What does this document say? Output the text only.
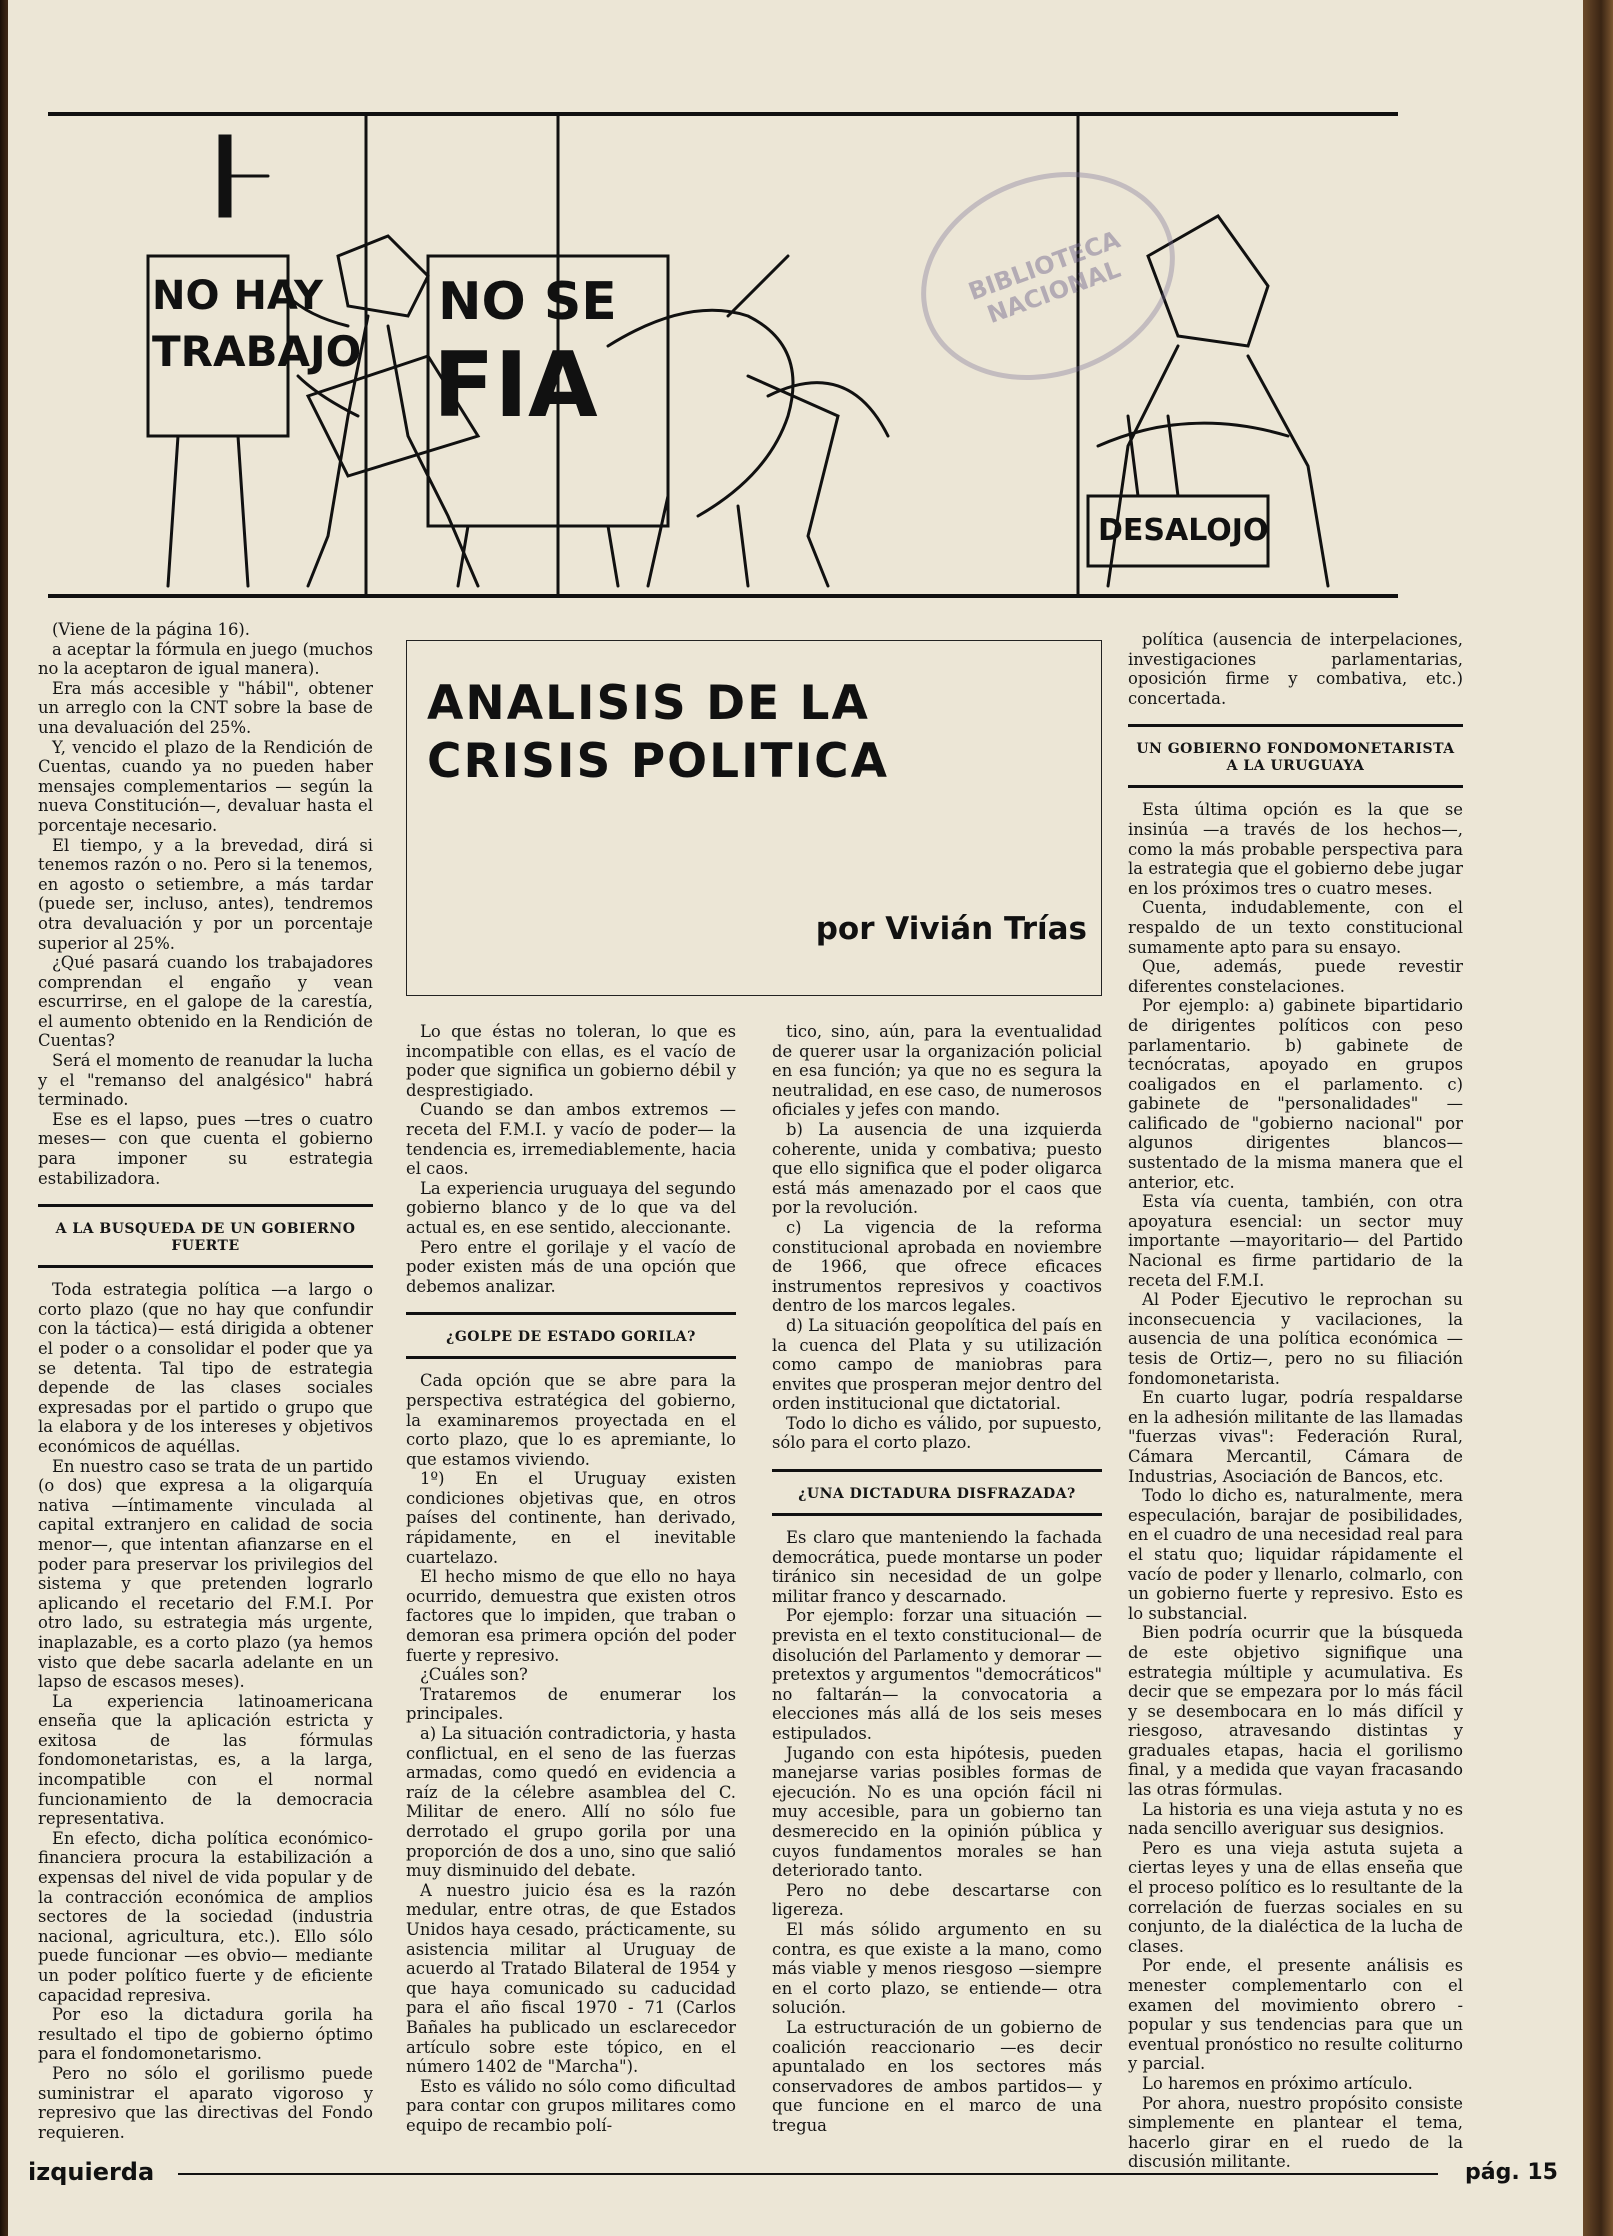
NO HAY
TRABAJO
NO SE
FIA
DESALOJO
BIBLIOTECA NACIONAL
ANALISIS DE LA
CRISIS POLITICA
por Vivián Trías

(Viene de la página 16).

a aceptar la fórmula en juego (muchos no la aceptaron de igual manera).

Era más accesible y "hábil", obtener un arreglo con la CNT sobre la base de una devaluación del 25%.

Y, vencido el plazo de la Rendición de Cuentas, cuando ya no pueden haber mensajes complementarios — según la nueva Constitución—, devaluar hasta el porcentaje necesario.

El tiempo, y a la brevedad, dirá si tenemos razón o no. Pero si la tenemos, en agosto o setiembre, a más tardar (puede ser, incluso, antes), tendremos otra devaluación y por un porcentaje superior al 25%.

¿Qué pasará cuando los trabajadores comprendan el engaño y vean escurrirse, en el galope de la carestía, el aumento obtenido en la Rendición de Cuentas?

Será el momento de reanudar la lucha y el "remanso del analgésico" habrá terminado.

Ese es el lapso, pues —tres o cuatro meses— con que cuenta el gobierno para imponer su estrategia estabilizadora.

A LA BUSQUEDA DE UN GOBIERNO FUERTE

Toda estrategia política —a largo o corto plazo (que no hay que confundir con la táctica)— está dirigida a obtener el poder o a consolidar el poder que ya se detenta. Tal tipo de estrategia depende de las clases sociales expresadas por el partido o grupo que la elabora y de los intereses y objetivos económicos de aquéllas.

En nuestro caso se trata de un partido (o dos) que expresa a la oligarquía nativa —íntimamente vinculada al capital extranjero en calidad de socia menor—, que intentan afianzarse en el poder para preservar los privilegios del sistema y que pretenden lograrlo aplicando el recetario del F.M.I. Por otro lado, su estrategia más urgente, inaplazable, es a corto plazo (ya hemos visto que debe sacarla adelante en un lapso de escasos meses).

La experiencia latinoamericana enseña que la aplicación estricta y exitosa de las fórmulas fondomonetaristas, es, a la larga, incompatible con el normal funcionamiento de la democracia representativa.

En efecto, dicha política económico-financiera procura la estabilización a expensas del nivel de vida popular y de la contracción económica de amplios sectores de la sociedad (industria nacional, agricultura, etc.). Ello sólo puede funcionar —es obvio— mediante un poder político fuerte y de eficiente capacidad represiva.

Por eso la dictadura gorila ha resultado el tipo de gobierno óptimo para el fondomonetarismo.

Pero no sólo el gorilismo puede suministrar el aparato vigoroso y represivo que las directivas del Fondo requieren.

Lo que éstas no toleran, lo que es incompatible con ellas, es el vacío de poder que significa un gobierno débil y desprestigiado.

Cuando se dan ambos extremos — receta del F.M.I. y vacío de poder— la tendencia es, irremediablemente, hacia el caos.

La experiencia uruguaya del segundo gobierno blanco y de lo que va del actual es, en ese sentido, aleccionante.

Pero entre el gorilaje y el vacío de poder existen más de una opción que debemos analizar.

¿GOLPE DE ESTADO GORILA?

Cada opción que se abre para la perspectiva estratégica del gobierno, la examinaremos proyectada en el corto plazo, que lo es apremiante, lo que estamos viviendo.

1º) En el Uruguay existen condiciones objetivas que, en otros países del continente, han derivado, rápidamente, en el inevitable cuartelazo.

El hecho mismo de que ello no haya ocurrido, demuestra que existen otros factores que lo impiden, que traban o demoran esa primera opción del poder fuerte y represivo.

¿Cuáles son?

Trataremos de enumerar los principales.

a) La situación contradictoria, y hasta conflictual, en el seno de las fuerzas armadas, como quedó en evidencia a raíz de la célebre asamblea del C. Militar de enero. Allí no sólo fue derrotado el grupo gorila por una proporción de dos a uno, sino que salió muy disminuido del debate.

A nuestro juicio ésa es la razón medular, entre otras, de que Estados Unidos haya cesado, prácticamente, su asistencia militar al Uruguay de acuerdo al Tratado Bilateral de 1954 y que haya comunicado su caducidad para el año fiscal 1970 - 71 (Carlos Bañales ha publicado un esclarecedor artículo sobre este tópico, en el número 1402 de "Marcha").

Esto es válido no sólo como dificultad para contar con grupos militares como equipo de recambio polí-

tico, sino, aún, para la eventualidad de querer usar la organización policial en esa función; ya que no es segura la neutralidad, en ese caso, de numerosos oficiales y jefes con mando.

b) La ausencia de una izquierda coherente, unida y combativa; puesto que ello significa que el poder oligarca está más amenazado por el caos que por la revolución.

c) La vigencia de la reforma constitucional aprobada en noviembre de 1966, que ofrece eficaces instrumentos represivos y coactivos dentro de los marcos legales.

d) La situación geopolítica del país en la cuenca del Plata y su utilización como campo de maniobras para envites que prosperan mejor dentro del orden institucional que dictatorial.

Todo lo dicho es válido, por supuesto, sólo para el corto plazo.

¿UNA DICTADURA DISFRAZADA?

Es claro que manteniendo la fachada democrática, puede montarse un poder tiránico sin necesidad de un golpe militar franco y descarnado.

Por ejemplo: forzar una situación —prevista en el texto constitucional— de disolución del Parlamento y demorar —pretextos y argumentos "democráticos" no faltarán— la convocatoria a elecciones más allá de los seis meses estipulados.

Jugando con esta hipótesis, pueden manejarse varias posibles formas de ejecución. No es una opción fácil ni muy accesible, para un gobierno tan desmerecido en la opinión pública y cuyos fundamentos morales se han deteriorado tanto.

Pero no debe descartarse con ligereza.

El más sólido argumento en su contra, es que existe a la mano, como más viable y menos riesgoso —siempre en el corto plazo, se entiende— otra solución.

La estructuración de un gobierno de coalición reaccionario —es decir apuntalado en los sectores más conservadores de ambos partidos— y que funcione en el marco de una tregua

política (ausencia de interpelaciones, investigaciones parlamentarias, oposición firme y combativa, etc.) concertada.

UN GOBIERNO FONDOMONETARISTA A LA URUGUAYA

Esta última opción es la que se insinúa —a través de los hechos—, como la más probable perspectiva para la estrategia que el gobierno debe jugar en los próximos tres o cuatro meses.

Cuenta, indudablemente, con el respaldo de un texto constitucional sumamente apto para su ensayo.

Que, además, puede revestir diferentes constelaciones.

Por ejemplo: a) gabinete bipartidario de dirigentes políticos con peso parlamentario. b) gabinete de tecnócratas, apoyado en grupos coaligados en el parlamento. c) gabinete de "personalidades" —calificado de "gobierno nacional" por algunos dirigentes blancos— sustentado de la misma manera que el anterior, etc.

Esta vía cuenta, también, con otra apoyatura esencial: un sector muy importante —mayoritario— del Partido Nacional es firme partidario de la receta del F.M.I.

Al Poder Ejecutivo le reprochan su inconsecuencia y vacilaciones, la ausencia de una política económica —tesis de Ortiz—, pero no su filiación fondomonetarista.

En cuarto lugar, podría respaldarse en la adhesión militante de las llamadas "fuerzas vivas": Federación Rural, Cámara Mercantil, Cámara de Industrias, Asociación de Bancos, etc.

Todo lo dicho es, naturalmente, mera especulación, barajar de posibilidades, en el cuadro de una necesidad real para el statu quo; liquidar rápidamente el vacío de poder y llenarlo, colmarlo, con un gobierno fuerte y represivo. Esto es lo substancial.

Bien podría ocurrir que la búsqueda de este objetivo signifique una estrategia múltiple y acumulativa. Es decir que se empezara por lo más fácil y se desembocara en lo más difícil y riesgoso, atravesando distintas y graduales etapas, hacia el gorilismo final, y a medida que vayan fracasando las otras fórmulas.

La historia es una vieja astuta y no es nada sencillo averiguar sus designios.

Pero es una vieja astuta sujeta a ciertas leyes y una de ellas enseña que el proceso político es lo resultante de la correlación de fuerzas sociales en su conjunto, de la dialéctica de la lucha de clases.

Por ende, el presente análisis es menester complementarlo con el examen del movimiento obrero - popular y sus tendencias para que un eventual pronóstico no resulte coliturno y parcial.

Lo haremos en próximo artículo.

Por ahora, nuestro propósito consiste simplemente en plantear el tema, hacerlo girar en el ruedo de la discusión militante.

izquierda	pág. 15
